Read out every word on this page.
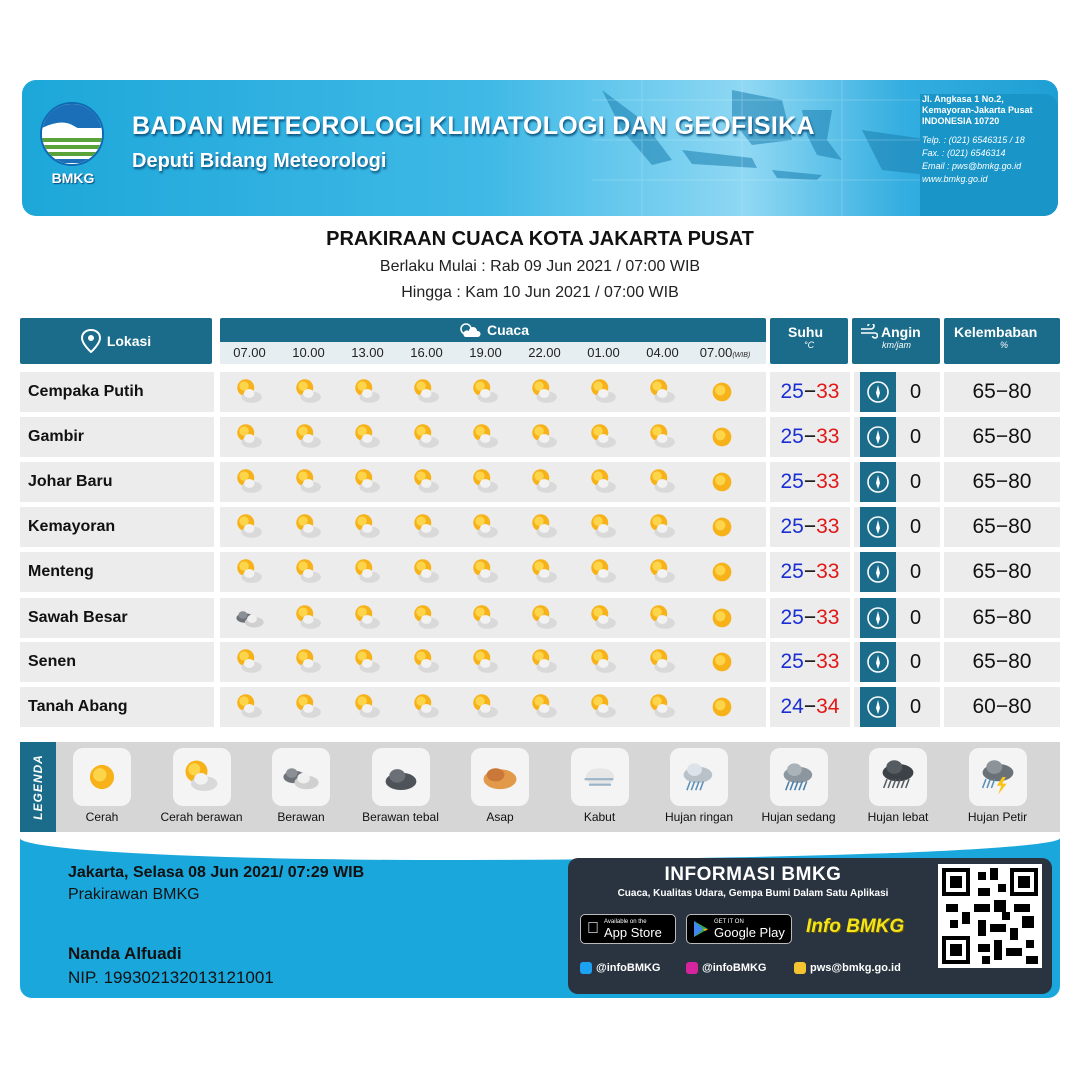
BMKG
BADAN METEOROLOGI KLIMATOLOGI DAN GEOFISIKA
Deputi Bidang Meteorologi
Jl. Angkasa 1 No.2,
Kemayoran-Jakarta Pusat
INDONESIA 10720
Telp. : (021) 6546315 / 18
Fax. : (021) 6546314
Email : pws@bmkg.go.id
www.bmkg.go.id
PRAKIRAAN CUACA KOTA JAKARTA PUSAT
Berlaku Mulai : Rab 09 Jun 2021 / 07:00 WIB
Hingga : Kam 10 Jun 2021 / 07:00 WIB
Lokasi
Cuaca
07.00	10.00	13.00	16.00	19.00	22.00	01.00	04.00	07.00(WIB)
Suhu
°C
Angin
km/jam
Kelembaban
%
Cempaka Putih	25−33	0	65−80
Gambir	25−33	0	65−80
Johar Baru	25−33	0	65−80
Kemayoran	25−33	0	65−80
Menteng	25−33	0	65−80
Sawah Besar	25−33	0	65−80
Senen	25−33	0	65−80
Tanah Abang	24−34	0	60−80
LEGENDA	Cerah	Cerah berawan	Berawan	Berawan tebal	Asap	Kabut	Hujan ringan	Hujan sedang	Hujan lebat	Hujan Petir
Jakarta, Selasa 08 Jun 2021/ 07:29 WIB
Prakirawan BMKG
Nanda Alfuadi
NIP. 199302132013121001
INFORMASI BMKG
Cuaca, Kualitas Udara, Gempa Bumi Dalam Satu Aplikasi
Available on the
App Store
GET IT ON
Google Play Info BMKG
@infoBMKG	@infoBMKG	pws@bmkg.go.id
